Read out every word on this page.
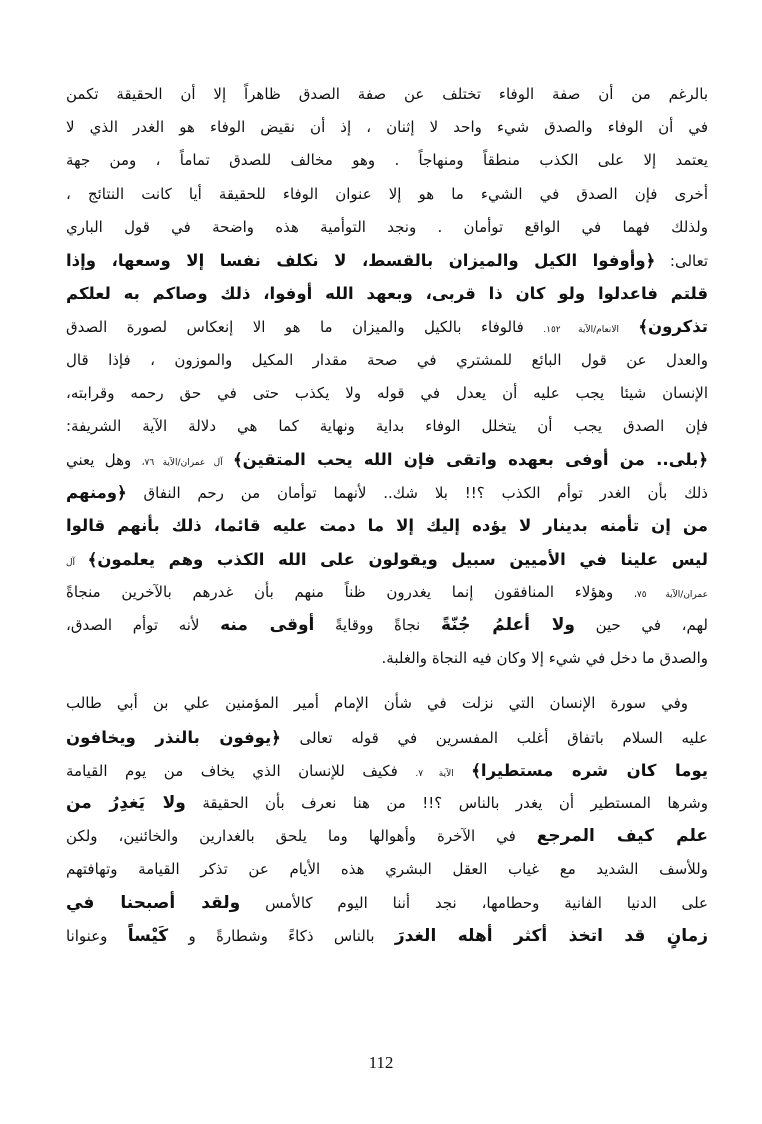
بالرغم من أن صفة الوفاء تختلف عن صفة الصدق ظاهراً إلا أن الحقيقة تكمن
في أن الوفاء والصدق شيء واحد لا إثنان ، إذ أن نقيض الوفاء هو الغدر الذي لا
يعتمد إلا على الكذب منطقاً ومنهاجاً . وهو مخالف للصدق تماماً ، ومن جهة
أخرى فإن الصدق في الشيء ما هو إلا عنوان الوفاء للحقيقة أيا كانت النتائج ،
ولذلك فهما في الواقع توأمان . ونجد التوأمية هذه واضحة في قول الباري
تعالى: ﴿وأوفوا الكيل والميزان بالقسط، لا نكلف نفسا إلا وسعها، وإذا
قلتم فاعدلوا ولو كان ذا قربى، وبعهد الله أوفوا، ذلك وصاكم به لعلكم
تذكرون﴾ الانعام/الآية ١٥٢. فالوفاء بالكيل والميزان ما هو الا إنعكاس لصورة الصدق
والعدل عن قول البائع للمشتري في صحة مقدار المكيل والموزون ، فإذا قال
الإنسان شيئا يجب عليه أن يعدل في قوله ولا يكذب حتى في حق رحمه وقرابته،
فإن الصدق يجب أن يتخلل الوفاء بداية ونهاية كما هي دلالة الآية الشريفة:
﴿بلى.. من أوفى بعهده واتقى فإن الله يحب المتقين﴾ آل عمران/الآية ٧٦، وهل يعني
ذلك بأن الغدر توأم الكذب ؟!! بلا شك.. لأنهما توأمان من رحم النفاق ﴿ومنهم
من إن تأمنه بدينار لا يؤده إليك إلا ما دمت عليه قائما، ذلك بأنهم قالوا
ليس علينا في الأميين سبيل ويقولون على الله الكذب وهم يعلمون﴾ آل
عمران/الآية ٧٥، وهؤلاء المنافقون إنما يغدرون ظناً منهم بأن غدرهم بالآخرين منجاةً
لهم، في حين ولا أعلمُ جُنّةً نجاةً ووقايةً أوقى منه لأنه توأم الصدق،
والصدق ما دخل في شيء إلا وكان فيه النجاة والغلبة.
وفي سورة الإنسان التي نزلت في شأن الإمام أمير المؤمنين علي بن أبي طالب
عليه السلام باتفاق أغلب المفسرين في قوله تعالى ﴿يوفون بالنذر ويخافون
يوما كان شره مستطيرا﴾ الآية ٧. فكيف للإنسان الذي يخاف من يوم القيامة
وشرها المستطير أن يغدر بالناس ؟!! من هنا نعرف بأن الحقيقة ولا يَغدِرُ من
علم كيف المرجع في الآخرة وأهوالها وما يلحق بالغدارين والخائنين، ولكن
وللأسف الشديد مع غياب العقل البشري هذه الأيام عن تذكر القيامة وتهافتهم
على الدنيا الفانية وحطامها، نجد أننا اليوم كالأمس ولقد أصبحنا في
زمانٍ قد اتخذ أكثر أهله الغدرَ بالناس ذكاءً وشطارةً و كَيْساً وعنوانا
112
